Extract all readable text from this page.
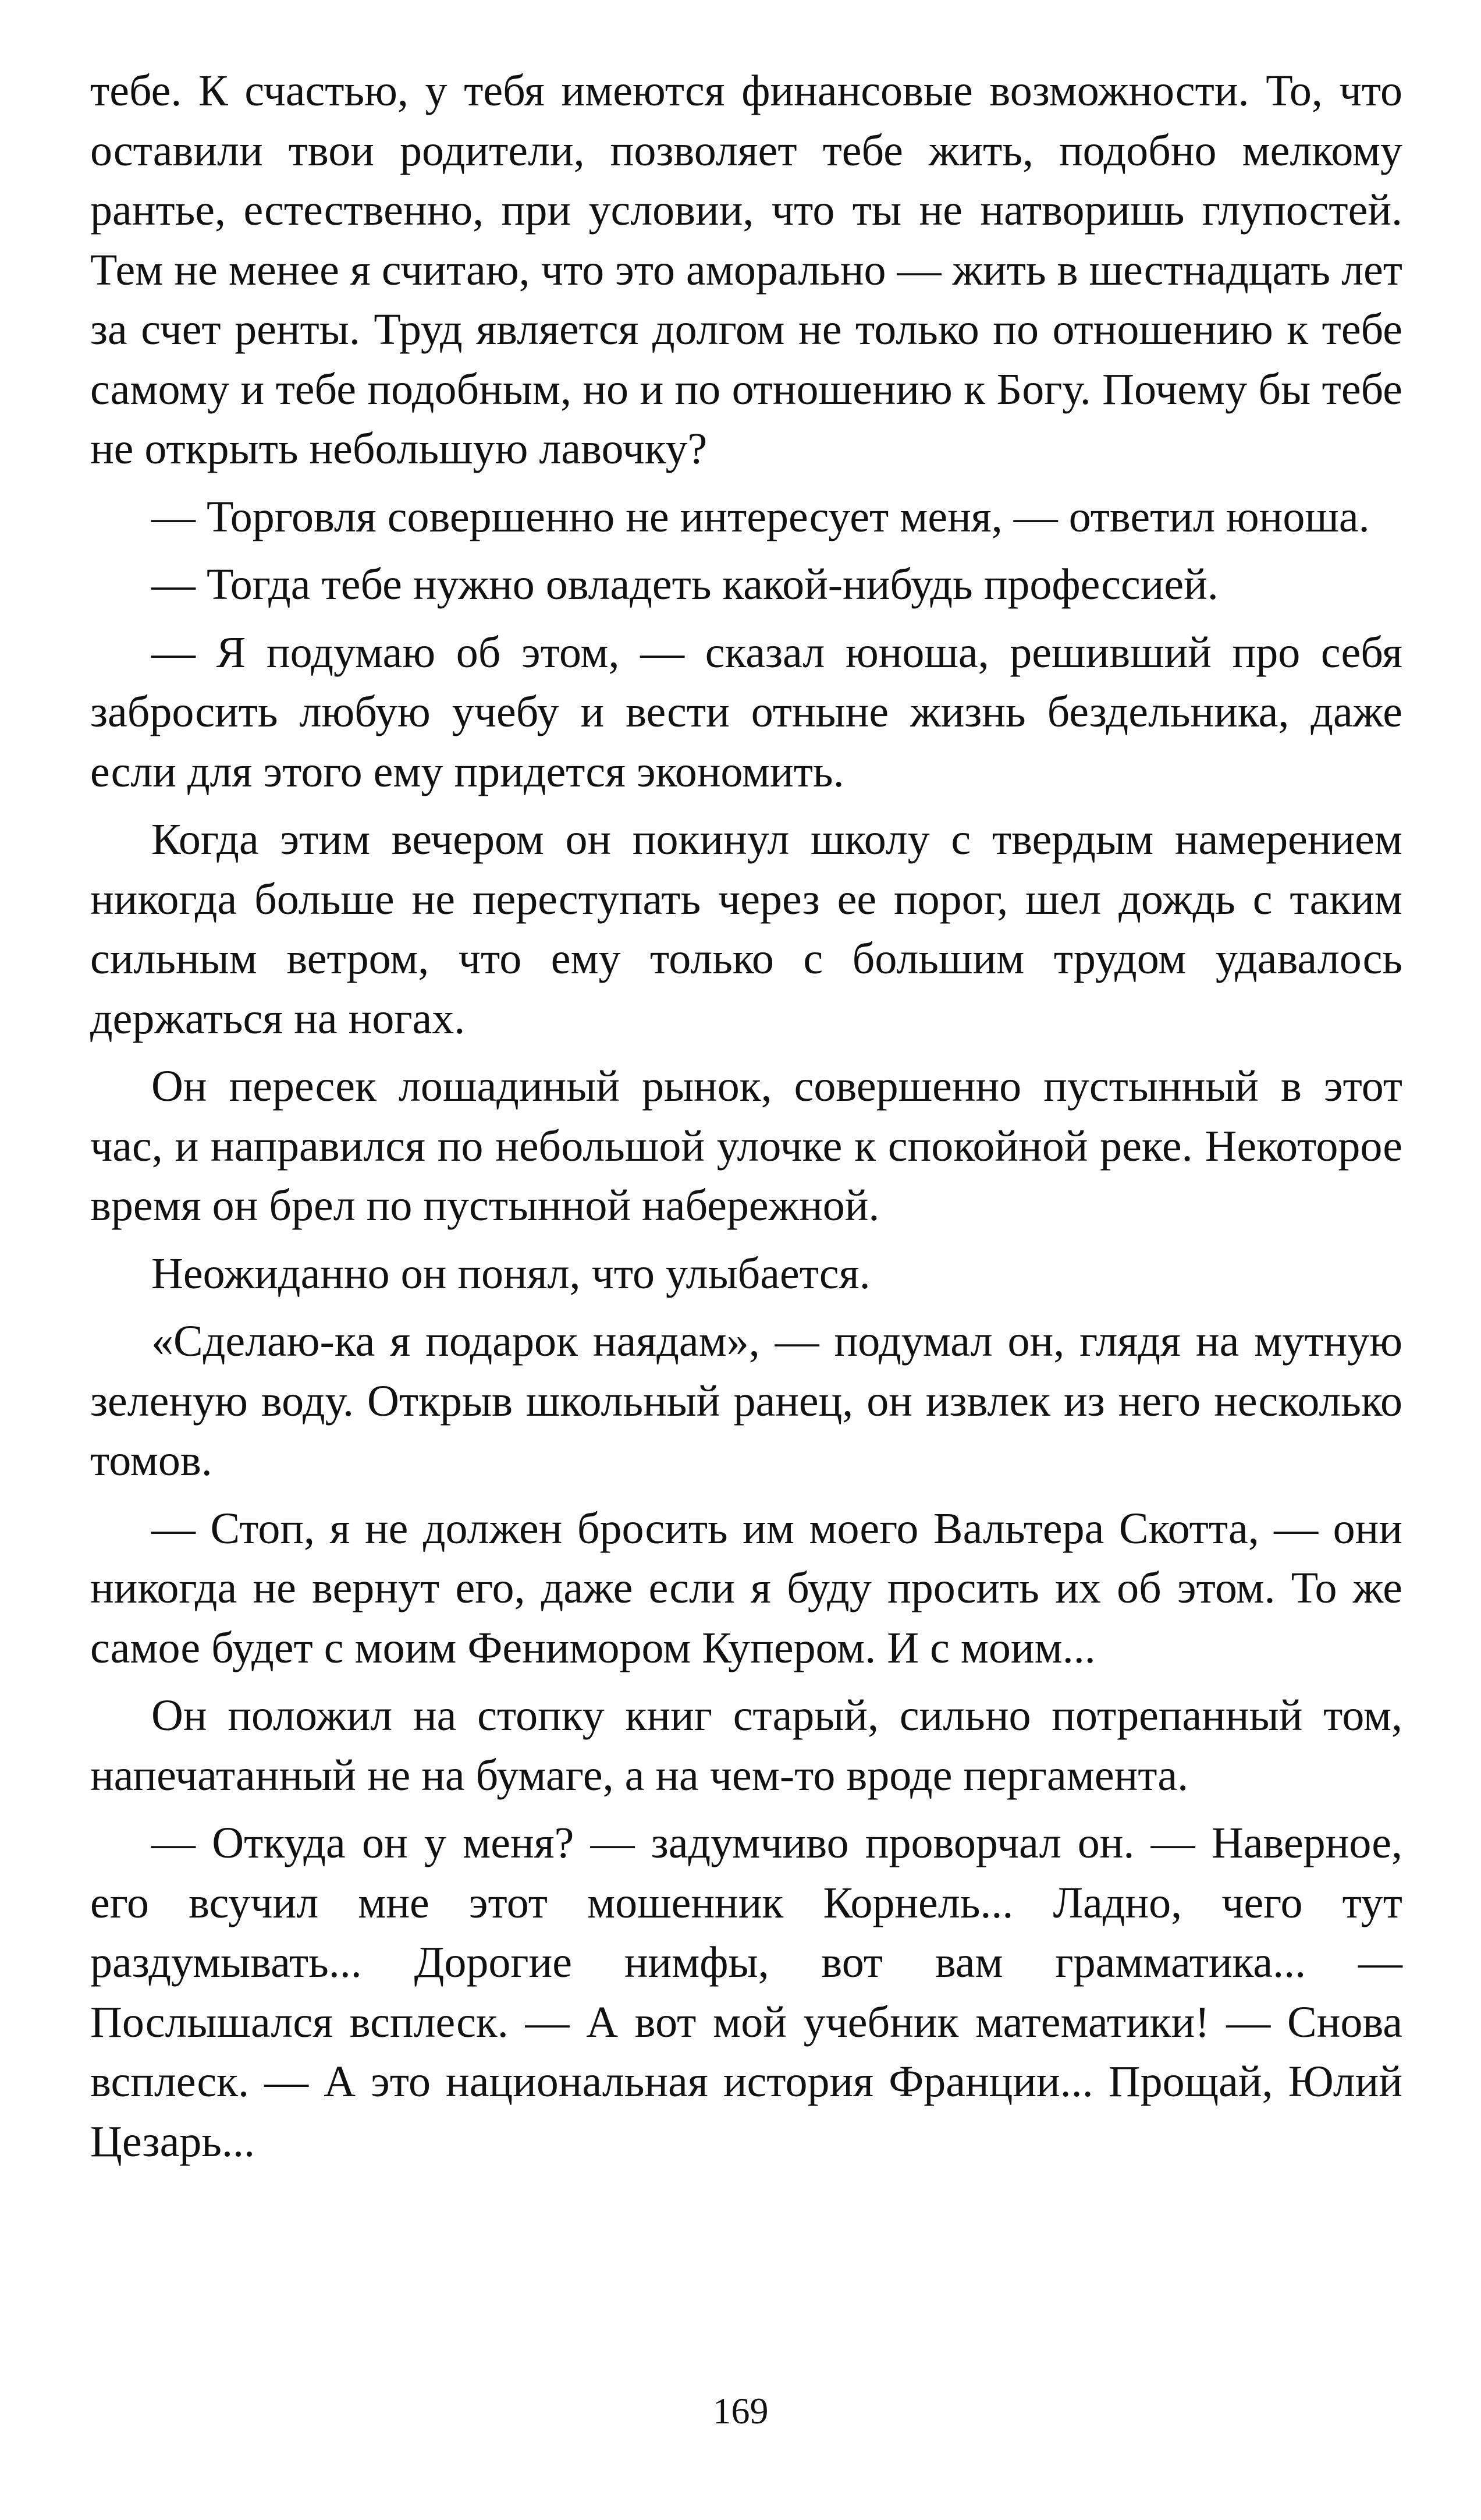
тебе. К счастью, у тебя имеются финансовые возможности. То, что оставили твои родители, позволяет тебе жить, подобно мелкому рантье, естественно, при условии, что ты не натворишь глупостей. Тем не менее я считаю, что это аморально — жить в шестнадцать лет за счет ренты. Труд является долгом не только по отношению к тебе самому и тебе подобным, но и по отношению к Богу. Почему бы тебе не открыть небольшую лавочку?

— Торговля совершенно не интересует меня, — ответил юноша.

— Тогда тебе нужно овладеть какой-нибудь профессией.

— Я подумаю об этом, — сказал юноша, решивший про себя забросить любую учебу и вести отныне жизнь бездельника, даже если для этого ему придется экономить.

Когда этим вечером он покинул школу с твердым намерением никогда больше не переступать через ее порог, шел дождь с таким сильным ветром, что ему только с большим трудом удавалось держаться на ногах.

Он пересек лошадиный рынок, совершенно пустынный в этот час, и направился по небольшой улочке к спокойной реке. Некоторое время он брел по пустынной набережной.

Неожиданно он понял, что улыбается.

«Сделаю-ка я подарок наядам», — подумал он, глядя на мутную зеленую воду. Открыв школьный ранец, он извлек из него несколько томов.

— Стоп, я не должен бросить им моего Вальтера Скотта, — они никогда не вернут его, даже если я буду просить их об этом. То же самое будет с моим Фенимором Купером. И с моим...

Он положил на стопку книг старый, сильно потрепанный том, напечатанный не на бумаге, а на чем-то вроде пергамента.

— Откуда он у меня? — задумчиво проворчал он. — Наверное, его всучил мне этот мошенник Корнель... Ладно, чего тут раздумывать... Дорогие нимфы, вот вам грамматика... — Послышался всплеск. — А вот мой учебник математики! — Снова всплеск. — А это национальная история Франции... Прощай, Юлий Цезарь...

169
